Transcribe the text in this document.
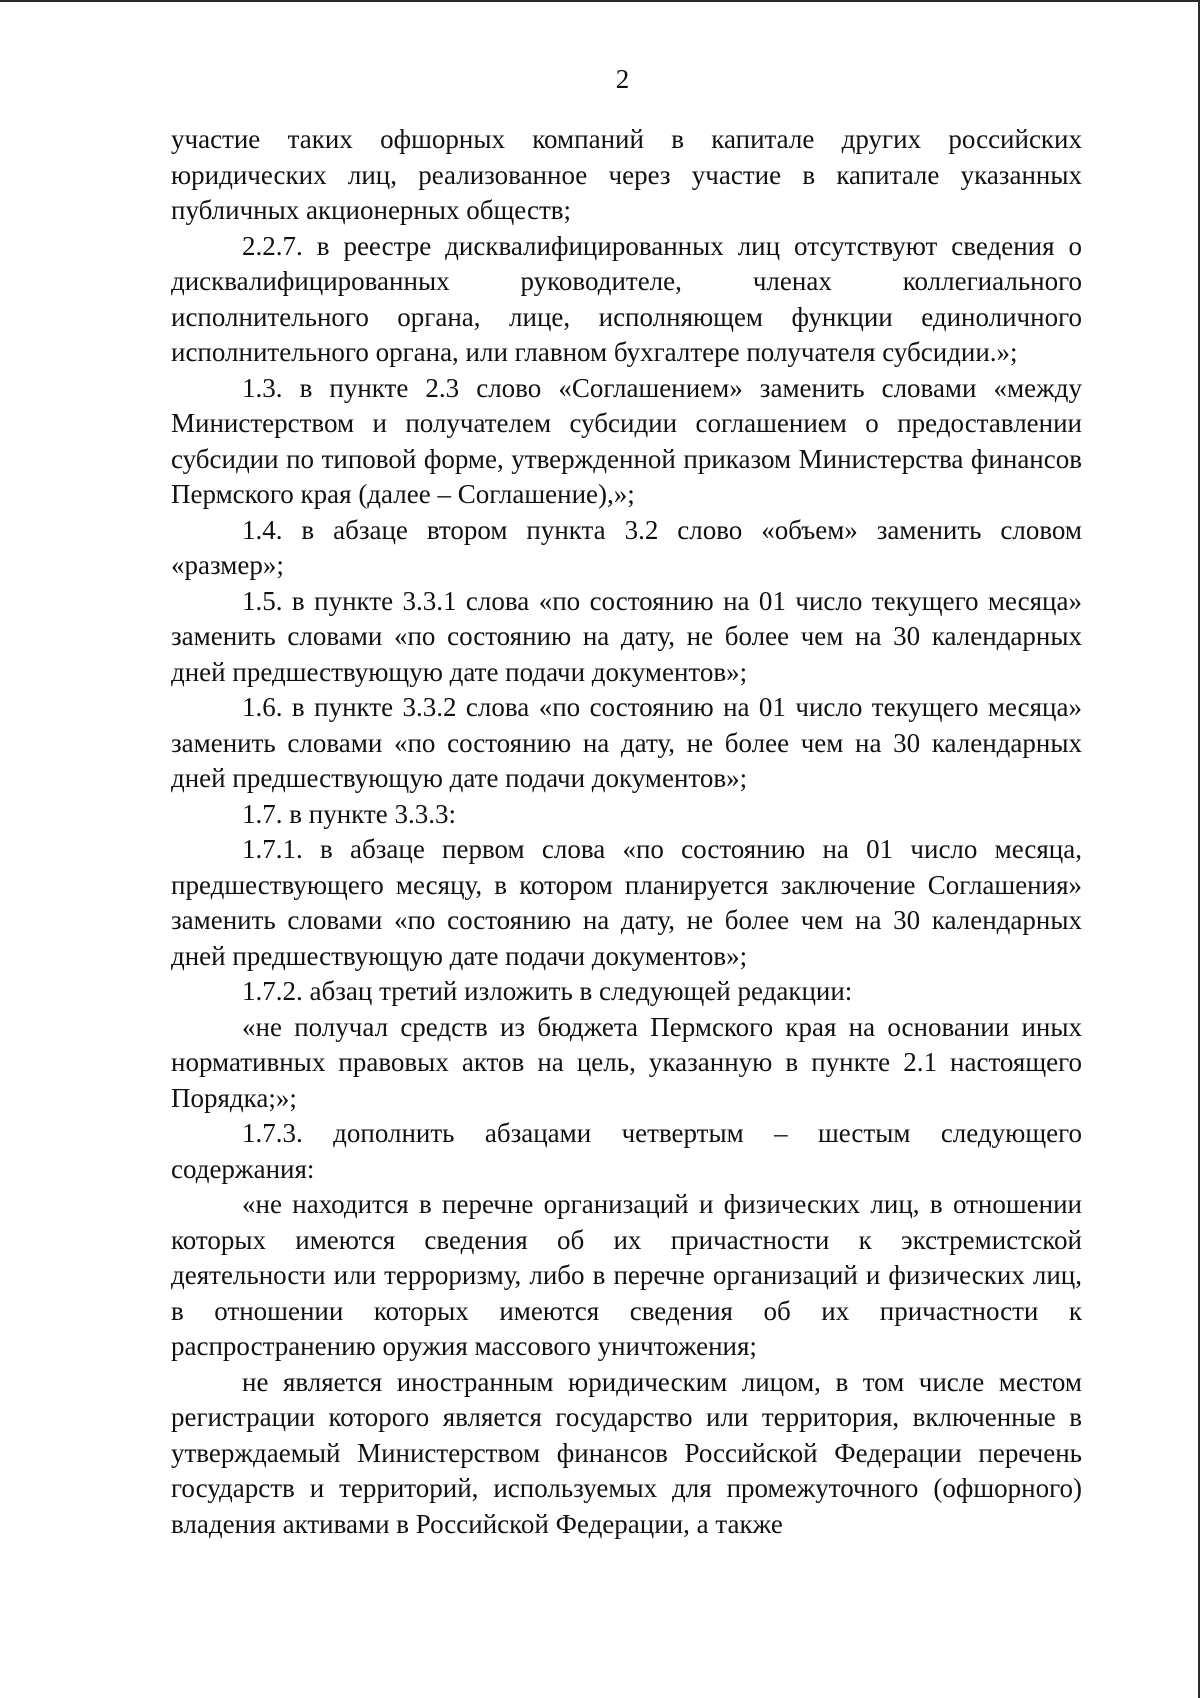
2

участие таких офшорных компаний в капитале других российских юридических лиц, реализованное через участие в капитале указанных публичных акционерных обществ;

2.2.7. в реестре дисквалифицированных лиц отсутствуют сведения о дисквалифицированных руководителе, членах коллегиального исполнительного органа, лице, исполняющем функции единоличного исполнительного органа, или главном бухгалтере получателя субсидии.»;

1.3. в пункте 2.3 слово «Соглашением» заменить словами «между Министерством и получателем субсидии соглашением о предоставлении субсидии по типовой форме, утвержденной приказом Министерства финансов Пермского края (далее – Соглашение),»;

1.4. в абзаце втором пункта 3.2 слово «объем» заменить словом «размер»;

1.5. в пункте 3.3.1 слова «по состоянию на 01 число текущего месяца» заменить словами «по состоянию на дату, не более чем на 30 календарных дней предшествующую дате подачи документов»;

1.6. в пункте 3.3.2 слова «по состоянию на 01 число текущего месяца» заменить словами «по состоянию на дату, не более чем на 30 календарных дней предшествующую дате подачи документов»;

1.7. в пункте 3.3.3:

1.7.1. в абзаце первом слова «по состоянию на 01 число месяца, предшествующего месяцу, в котором планируется заключение Соглашения» заменить словами «по состоянию на дату, не более чем на 30 календарных дней предшествующую дате подачи документов»;

1.7.2. абзац третий изложить в следующей редакции:

«не получал средств из бюджета Пермского края на основании иных нормативных правовых актов на цель, указанную в пункте 2.1 настоящего Порядка;»;

1.7.3. дополнить абзацами четвертым – шестым следующего содержания:

«не находится в перечне организаций и физических лиц, в отношении которых имеются сведения об их причастности к экстремистской деятельности или терроризму, либо в перечне организаций и физических лиц, в отношении которых имеются сведения об их причастности к распространению оружия массового уничтожения;

не является иностранным юридическим лицом, в том числе местом регистрации которого является государство или территория, включенные в утверждаемый Министерством финансов Российской Федерации перечень государств и территорий, используемых для промежуточного (офшорного) владения активами в Российской Федерации, а также
